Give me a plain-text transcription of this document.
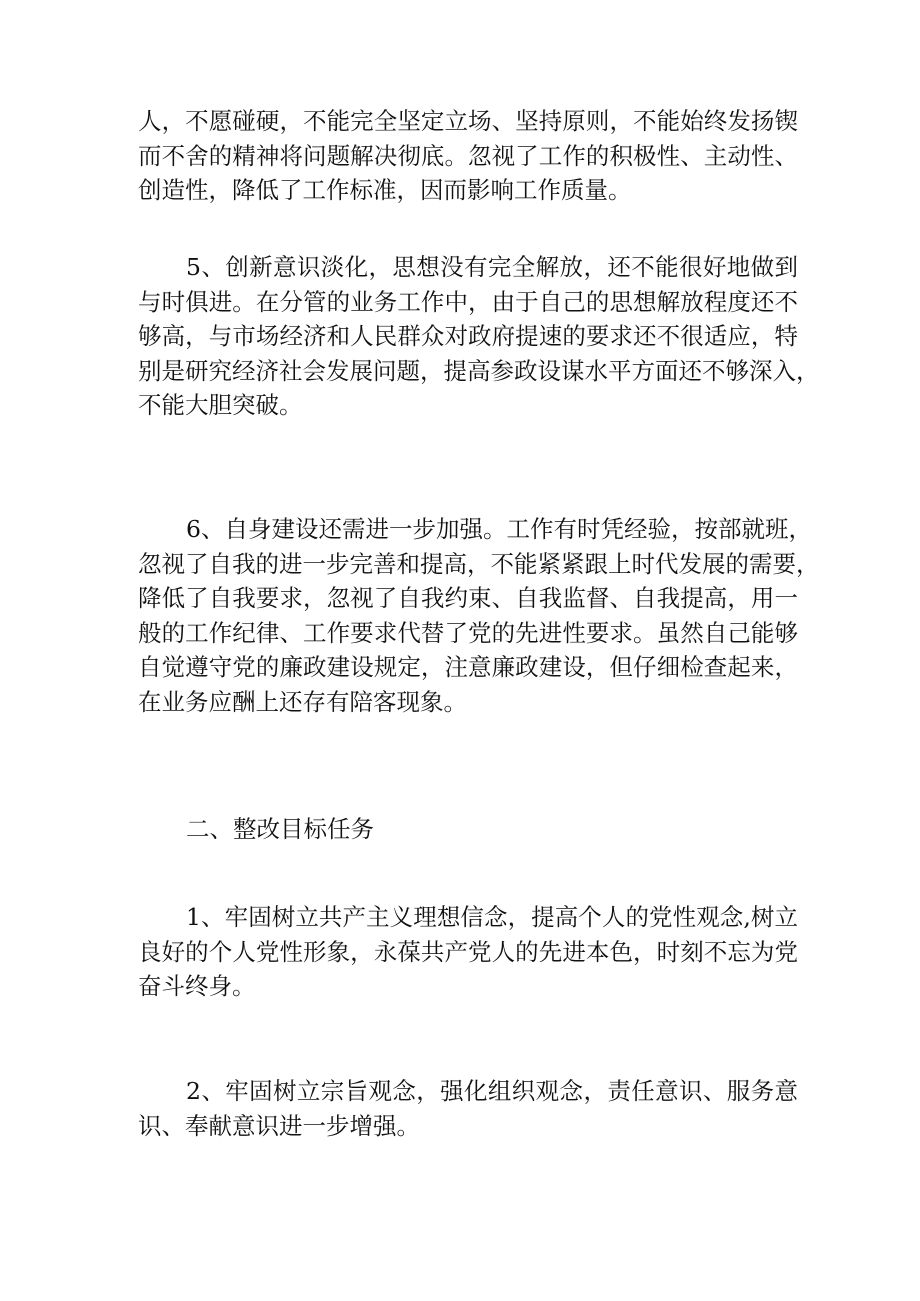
人，不愿碰硬，不能完全坚定立场、坚持原则，不能始终发扬锲
而不舍的精神将问题解决彻底。忽视了工作的积极性、主动性、
创造性，降低了工作标准，因而影响工作质量。

5、创新意识淡化，思想没有完全解放，还不能很好地做到
与时俱进。在分管的业务工作中，由于自己的思想解放程度还不
够高，与市场经济和人民群众对政府提速的要求还不很适应，特
别是研究经济社会发展问题，提高参政设谋水平方面还不够深入，
不能大胆突破。

6、自身建设还需进一步加强。工作有时凭经验，按部就班，
忽视了自我的进一步完善和提高，不能紧紧跟上时代发展的需要，
降低了自我要求，忽视了自我约束、自我监督、自我提高，用一
般的工作纪律、工作要求代替了党的先进性要求。虽然自己能够
自觉遵守党的廉政建设规定，注意廉政建设，但仔细检查起来，
在业务应酬上还存有陪客现象。

二、整改目标任务

1、牢固树立共产主义理想信念，提高个人的党性观念,树立
良好的个人党性形象，永葆共产党人的先进本色，时刻不忘为党
奋斗终身。

2、牢固树立宗旨观念，强化组织观念，责任意识、服务意
识、奉献意识进一步增强。
